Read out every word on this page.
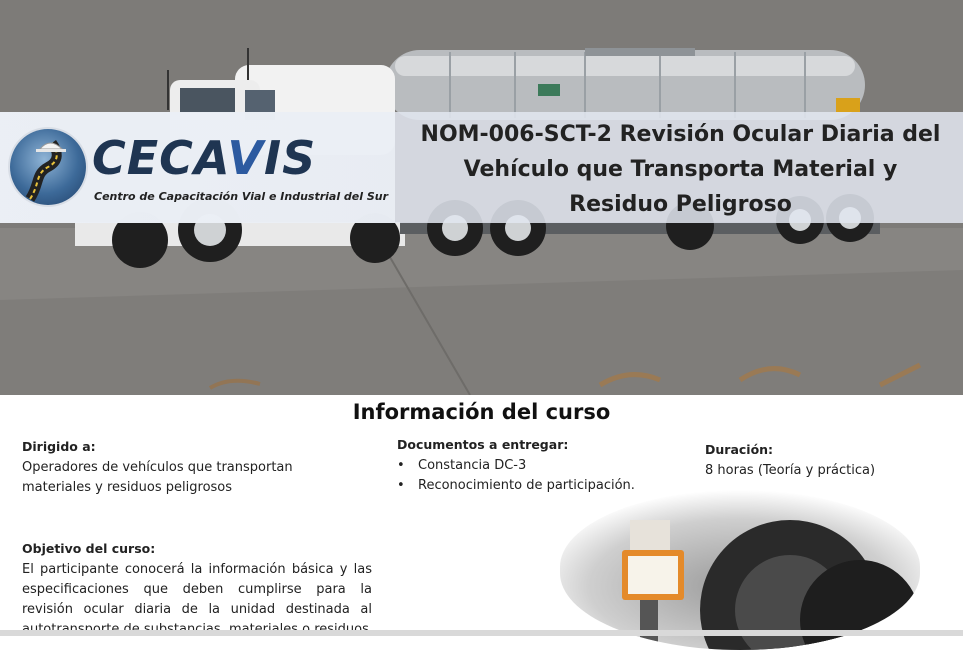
CECAVIS
Centro de Capacitación Vial e Industrial del Sur
NOM-006-SCT-2 Revisión Ocular Diaria del
Vehículo que Transporta Material y
Residuo Peligroso
Información del curso
Dirigido a:
Operadores de vehículos que transportan materiales y residuos peligrosos
Documentos a entregar:
• Constancia DC-3
• Reconocimiento de participación.
Duración:
8 horas (Teoría y práctica)
Objetivo del curso:
El participante conocerá la información básica y las especificaciones que deben cumplirse para la revisión ocular diaria de la unidad destinada al
